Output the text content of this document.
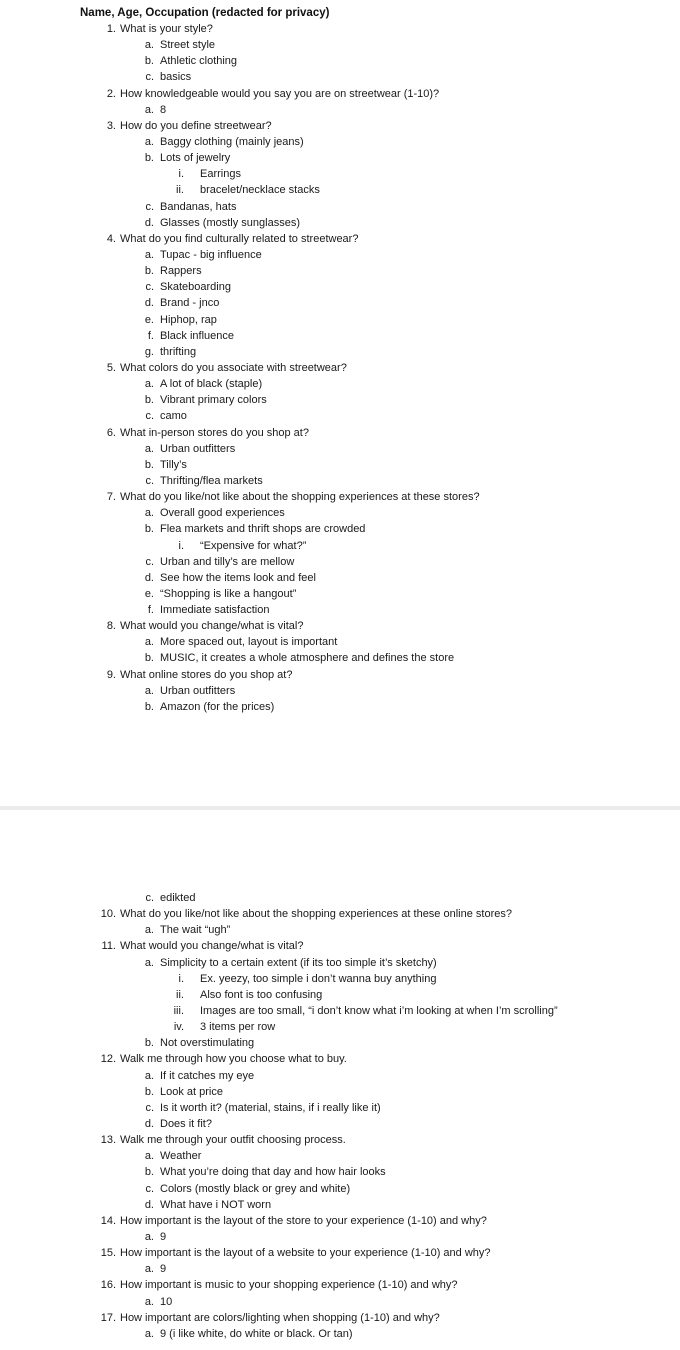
Name, Age, Occupation (redacted for privacy)
1. What is your style?
a. Street style
b. Athletic clothing
c. basics
2. How knowledgeable would you say you are on streetwear (1-10)?
a. 8
3. How do you define streetwear?
a. Baggy clothing (mainly jeans)
b. Lots of jewelry
i. Earrings
ii. bracelet/necklace stacks
c. Bandanas, hats
d. Glasses (mostly sunglasses)
4. What do you find culturally related to streetwear?
a. Tupac - big influence
b. Rappers
c. Skateboarding
d. Brand - jnco
e. Hiphop, rap
f. Black influence
g. thrifting
5. What colors do you associate with streetwear?
a. A lot of black (staple)
b. Vibrant primary colors
c. camo
6. What in-person stores do you shop at?
a. Urban outfitters
b. Tilly’s
c. Thrifting/flea markets
7. What do you like/not like about the shopping experiences at these stores?
a. Overall good experiences
b. Flea markets and thrift shops are crowded
i. “Expensive for what?”
c. Urban and tilly’s are mellow
d. See how the items look and feel
e. “Shopping is like a hangout”
f. Immediate satisfaction
8. What would you change/what is vital?
a. More spaced out, layout is important
b. MUSIC, it creates a whole atmosphere and defines the store
9. What online stores do you shop at?
a. Urban outfitters
b. Amazon (for the prices)
c. edikted
10. What do you like/not like about the shopping experiences at these online stores?
a. The wait “ugh”
11. What would you change/what is vital?
a. Simplicity to a certain extent (if its too simple it’s sketchy)
i. Ex. yeezy, too simple i don’t wanna buy anything
ii. Also font is too confusing
iii. Images are too small, “i don’t know what i’m looking at when I’m scrolling”
iv. 3 items per row
b. Not overstimulating
12. Walk me through how you choose what to buy.
a. If it catches my eye
b. Look at price
c. Is it worth it? (material, stains, if i really like it)
d. Does it fit?
13. Walk me through your outfit choosing process.
a. Weather
b. What you’re doing that day and how hair looks
c. Colors (mostly black or grey and white)
d. What have i NOT worn
14. How important is the layout of the store to your experience (1-10) and why?
a. 9
15. How important is the layout of a website to your experience (1-10) and why?
a. 9
16. How important is music to your shopping experience (1-10) and why?
a. 10
17. How important are colors/lighting when shopping (1-10) and why?
a. 9 (i like white, do white or black. Or tan)
